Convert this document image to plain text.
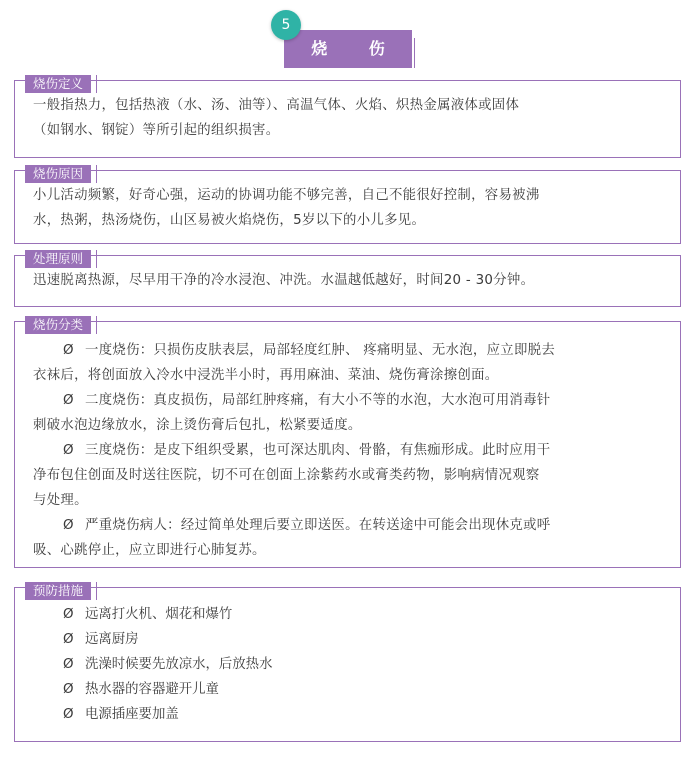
5
烧 伤
烧伤定义
一般指热力，包括热液（水、汤、油等）、高温气体、火焰、炽热金属液体或固体
（如钢水、钢锭）等所引起的组织损害。
烧伤原因
小儿活动频繁，好奇心强，运动的协调功能不够完善，自己不能很好控制，容易被沸
水，热粥，热汤烧伤，山区易被火焰烧伤，5岁以下的小儿多见。
处理原则
迅速脱离热源，尽早用干净的冷水浸泡、冲洗。水温越低越好，时间20 - 30分钟。
烧伤分类
Ø 一度烧伤：只损伤皮肤表层，局部轻度红肿、 疼痛明显、无水泡，应立即脱去
衣袜后，将创面放入冷水中浸洗半小时，再用麻油、菜油、烧伤膏涂擦创面。
Ø 二度烧伤：真皮损伤，局部红肿疼痛，有大小不等的水泡，大水泡可用消毒针
刺破水泡边缘放水，涂上烫伤膏后包扎，松紧要适度。
Ø 三度烧伤：是皮下组织受累，也可深达肌肉、骨骼，有焦痂形成。此时应用干
净布包住创面及时送往医院，切不可在创面上涂紫药水或膏类药物，影响病情况观察
与处理。
Ø 严重烧伤病人：经过简单处理后要立即送医。在转送途中可能会出现休克或呼
吸、心跳停止，应立即进行心肺复苏。
预防措施
Ø 远离打火机、烟花和爆竹
Ø 远离厨房
Ø 洗澡时候要先放凉水，后放热水
Ø 热水器的容器避开儿童
Ø 电源插座要加盖
